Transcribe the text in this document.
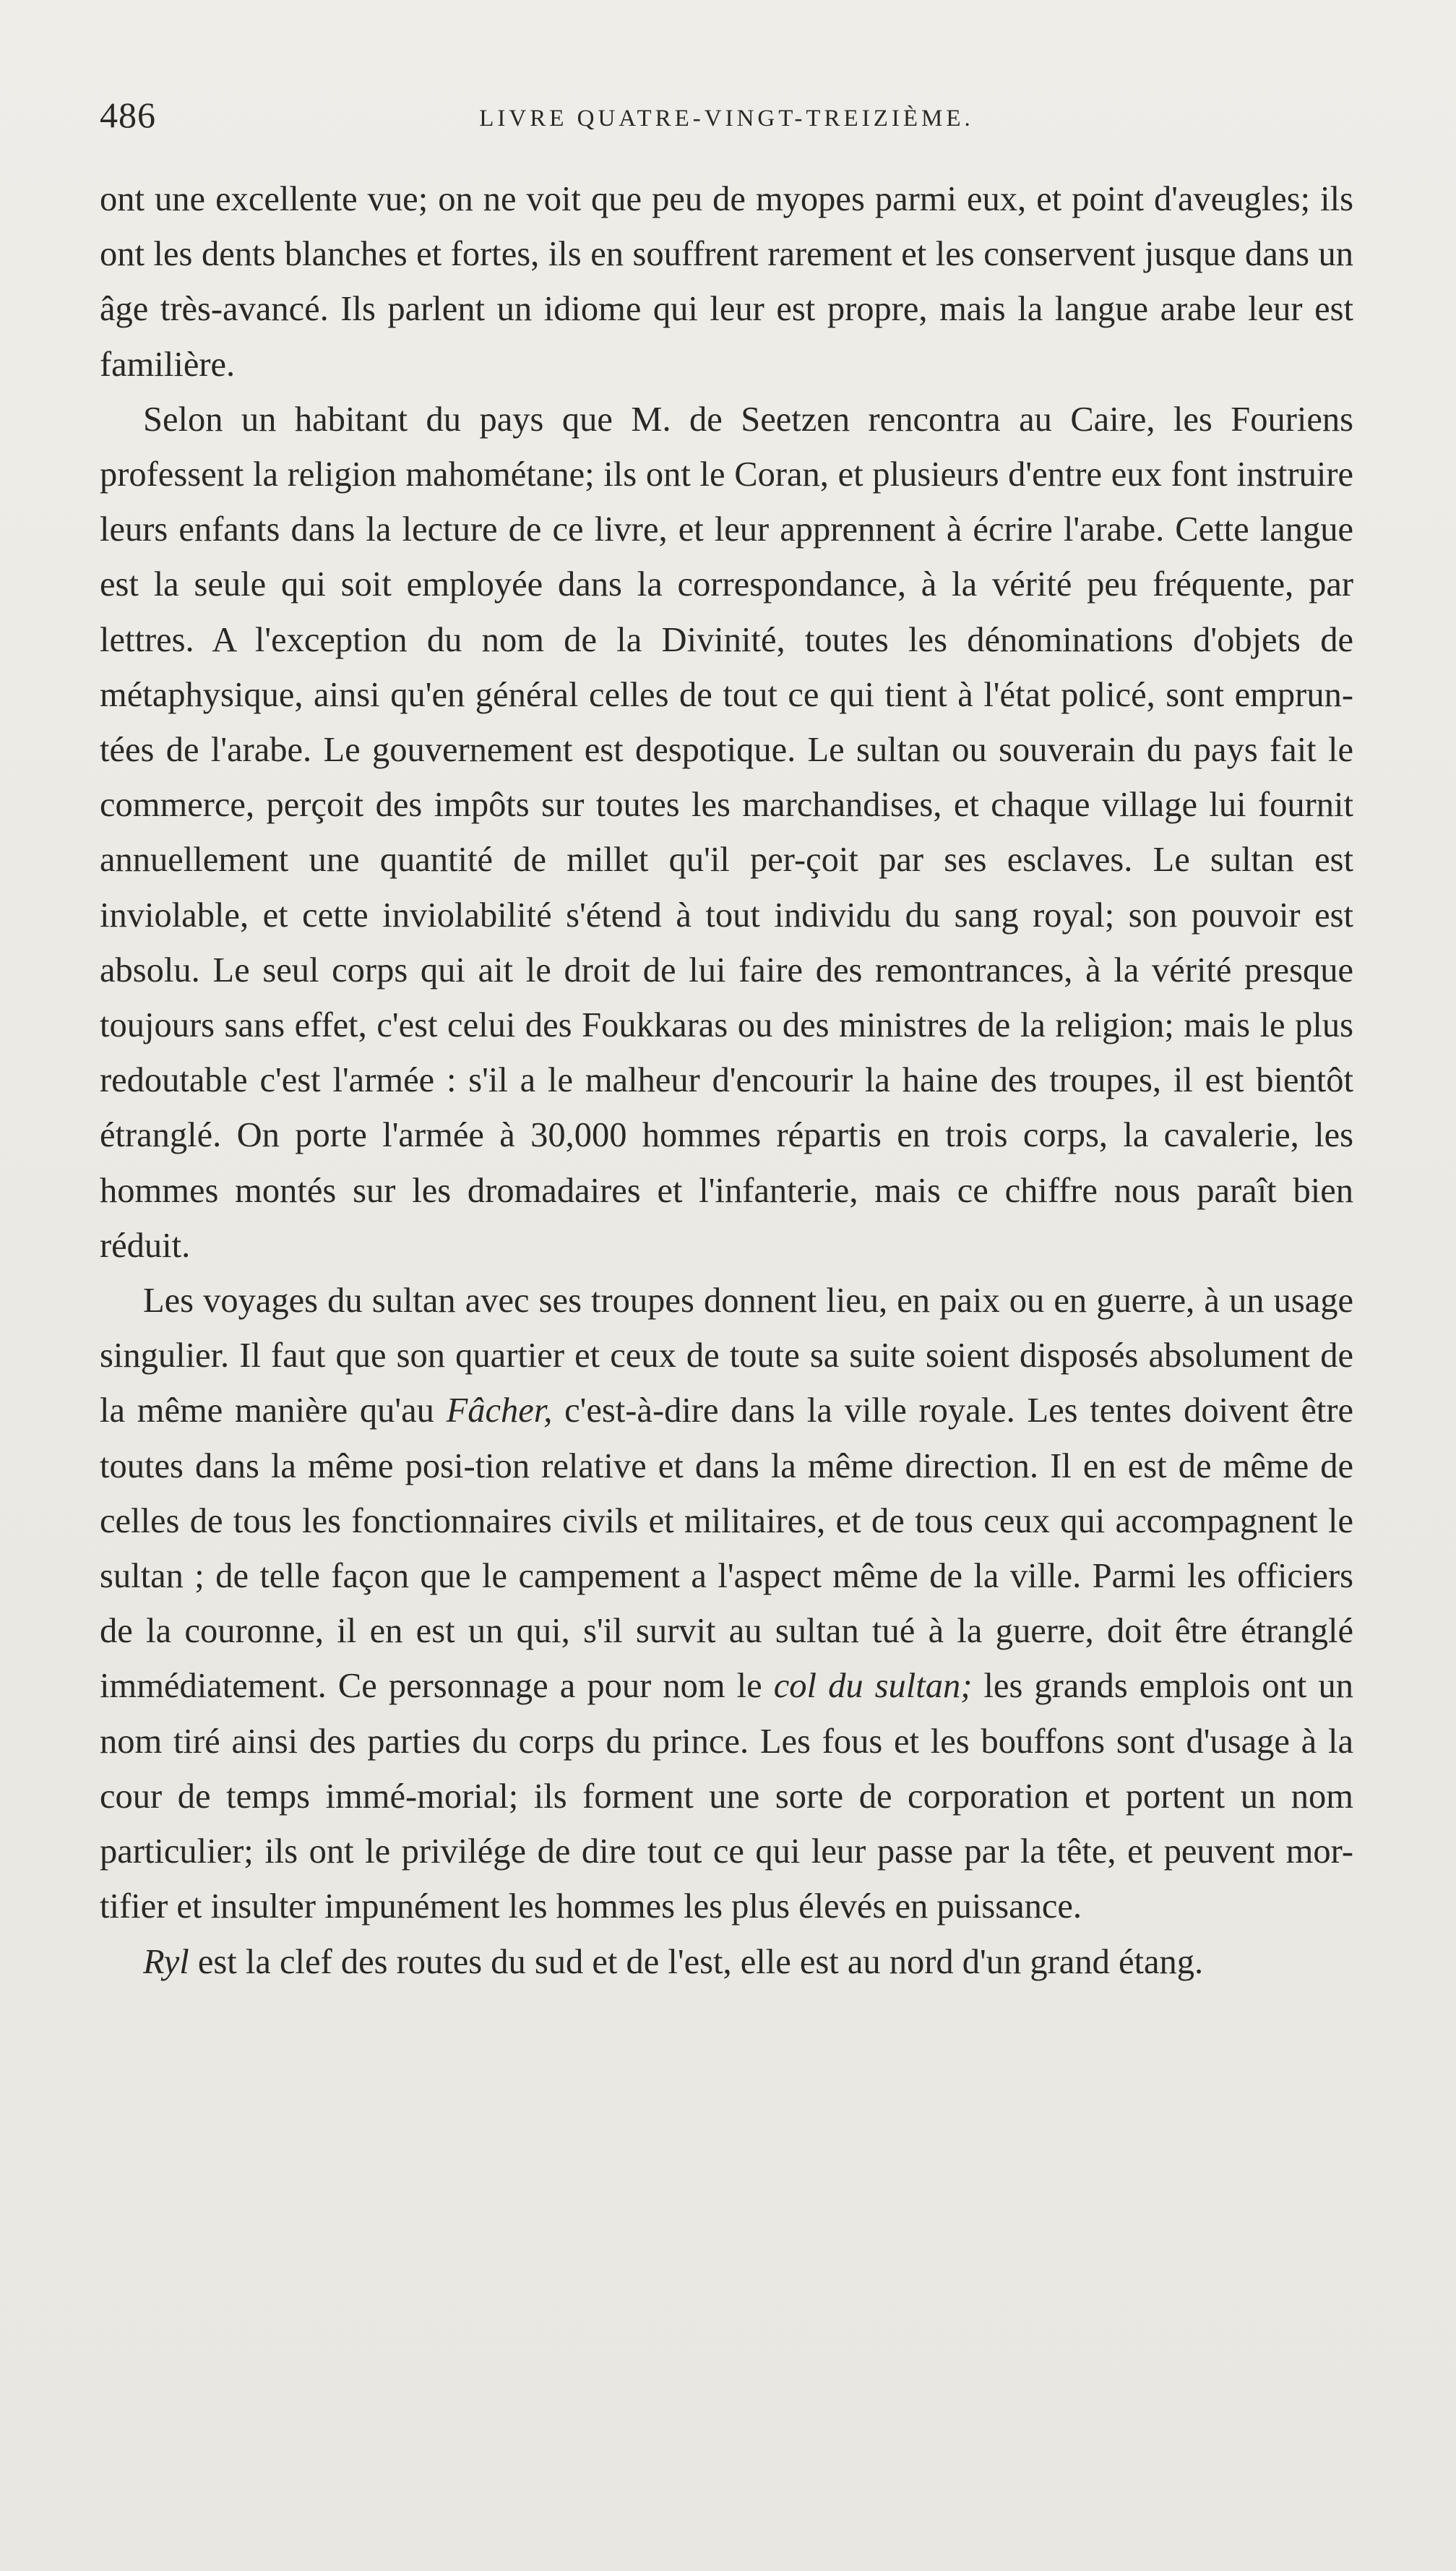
486	LIVRE QUATRE-VINGT-TREIZIÈME.

ont une excellente vue; on ne voit que peu de myopes parmi eux, et point d'aveugles; ils ont les dents blanches et fortes, ils en souffrent rarement et les conservent jusque dans un âge très-avancé. Ils parlent un idiome qui leur est propre, mais la langue arabe leur est familière.

Selon un habitant du pays que M. de Seetzen rencontra au Caire, les Fouriens professent la religion mahométane; ils ont le Coran, et plusieurs d'entre eux font instruire leurs enfants dans la lecture de ce livre, et leur apprennent à écrire l'arabe. Cette langue est la seule qui soit employée dans la correspondance, à la vérité peu fréquente, par lettres. A l'exception du nom de la Divinité, toutes les dénominations d'objets de métaphysique, ainsi qu'en général celles de tout ce qui tient à l'état policé, sont emprun-tées de l'arabe. Le gouvernement est despotique. Le sultan ou souverain du pays fait le commerce, perçoit des impôts sur toutes les marchandises, et chaque village lui fournit annuellement une quantité de millet qu'il per-çoit par ses esclaves. Le sultan est inviolable, et cette inviolabilité s'étend à tout individu du sang royal; son pouvoir est absolu. Le seul corps qui ait le droit de lui faire des remontrances, à la vérité presque toujours sans effet, c'est celui des Foukkaras ou des ministres de la religion; mais le plus redoutable c'est l'armée : s'il a le malheur d'encourir la haine des troupes, il est bientôt étranglé. On porte l'armée à 30,000 hommes répartis en trois corps, la cavalerie, les hommes montés sur les dromadaires et l'infanterie, mais ce chiffre nous paraît bien réduit.

Les voyages du sultan avec ses troupes donnent lieu, en paix ou en guerre, à un usage singulier. Il faut que son quartier et ceux de toute sa suite soient disposés absolument de la même manière qu'au Fâcher, c'est-à-dire dans la ville royale. Les tentes doivent être toutes dans la même posi-tion relative et dans la même direction. Il en est de même de celles de tous les fonctionnaires civils et militaires, et de tous ceux qui accompagnent le sultan ; de telle façon que le campement a l'aspect même de la ville. Parmi les officiers de la couronne, il en est un qui, s'il survit au sultan tué à la guerre, doit être étranglé immédiatement. Ce personnage a pour nom le col du sultan; les grands emplois ont un nom tiré ainsi des parties du corps du prince. Les fous et les bouffons sont d'usage à la cour de temps immé-morial; ils forment une sorte de corporation et portent un nom particulier; ils ont le privilége de dire tout ce qui leur passe par la tête, et peuvent mor-tifier et insulter impunément les hommes les plus élevés en puissance.

Ryl est la clef des routes du sud et de l'est, elle est au nord d'un grand étang.
